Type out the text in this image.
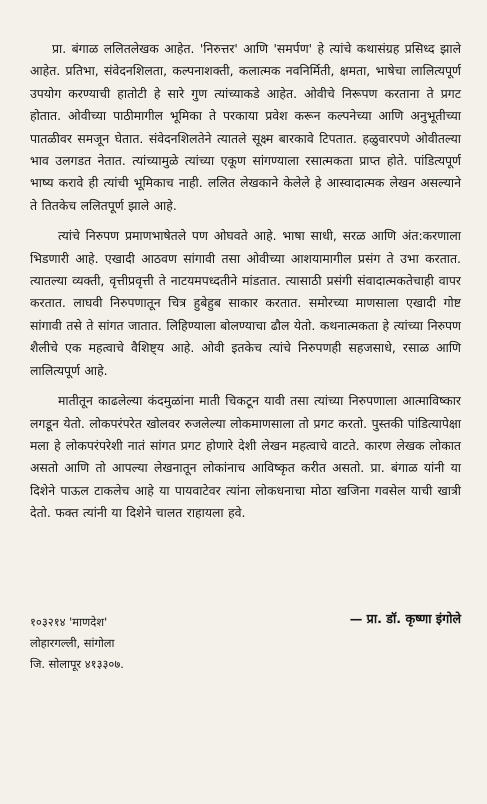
प्रा. बंगाळ ललितलेखक आहेत. 'निरुत्तर' आणि 'समर्पण' हे त्यांचे कथासंग्रह प्रसिध्द झाले आहेत. प्रतिभा, संवेदनशिलता, कल्पनाशक्ती, कलात्मक नवनिर्मिती, क्षमता, भाषेचा लालित्यपूर्ण उपयोग करण्याची हातोटी हे सारे गुण त्यांच्याकडे आहेत. ओवीचे निरूपण करताना ते प्रगट होतात. ओवीच्या पाठीमागील भूमिका ते परकाया प्रवेश करून कल्पनेच्या आणि अनुभूतीच्या पातळीवर समजून घेतात. संवेदनशिलतेने त्यातले सूक्ष्म बारकावे टिपतात. हळुवारपणे ओवीतल्या भाव उलगडत नेतात. त्यांच्यामुळे त्यांच्या एकूण सांगण्याला रसात्मकता प्राप्त होते. पांडित्यपूर्ण भाष्य करावे ही त्यांची भूमिकाच नाही. ललित लेखकाने केलेले हे आस्वादात्मक लेखन असल्याने ते तितकेच ललितपूर्ण झाले आहे.

त्यांचे निरुपण प्रमाणभाषेतले पण ओघवते आहे. भाषा साधी, सरळ आणि अंत:करणाला भिडणारी आहे. एखादी आठवण सांगावी तसा ओवीच्या आशयामागील प्रसंग ते उभा करतात. त्यातल्या व्यक्ती, वृत्तीप्रवृत्ती ते नाटयमपध्दतीने मांडतात. त्यासाठी प्रसंगी संवादात्मकतेचाही वापर करतात. लाघवी निरुपणातून चित्र हुबेहुब साकार करतात. समोरच्या माणसाला एखादी गोष्ट सांगावी तसे ते सांगत जातात. लिहिण्याला बोलण्याचा ढौल येतो. कथनात्मकता हे त्यांच्या निरुपण शैलीचे एक महत्वाचे वैशिष्ट्य आहे. ओवी इतकेच त्यांचे निरुपणही सहजसाधे, रसाळ आणि लालित्यपूर्ण आहे.

मातीतून काढलेल्या कंदमुळांना माती चिकटून यावी तसा त्यांच्या निरुपणाला आत्माविष्कार लगडून येतो. लोकपरंपरेत खोलवर रुजलेल्या लोकमाणसाला तो प्रगट करतो. पुस्तकी पांडित्यापेक्षा मला हे लोकपरंपरेशी नातं सांगत प्रगट होणारे देशी लेखन महत्वाचे वाटते. कारण लेखक लोकात असतो आणि तो आपल्या लेखनातून लोकांनाच आविष्कृत करीत असतो. प्रा. बंगाळ यांनी या दिशेने पाऊल टाकलेच आहे या पायवाटेवर त्यांना लोकधनाचा मोठा खजिना गवसेल याची खात्री देतो. फक्त त्यांनी या दिशेने चालत राहायला हवे.

१०३२१४ 'माणदेश'
लोहारगल्ली, सांगोला
जि. सोलापूर ४१३३०७.
— प्रा. डॉ. कृष्णा इंगोले
